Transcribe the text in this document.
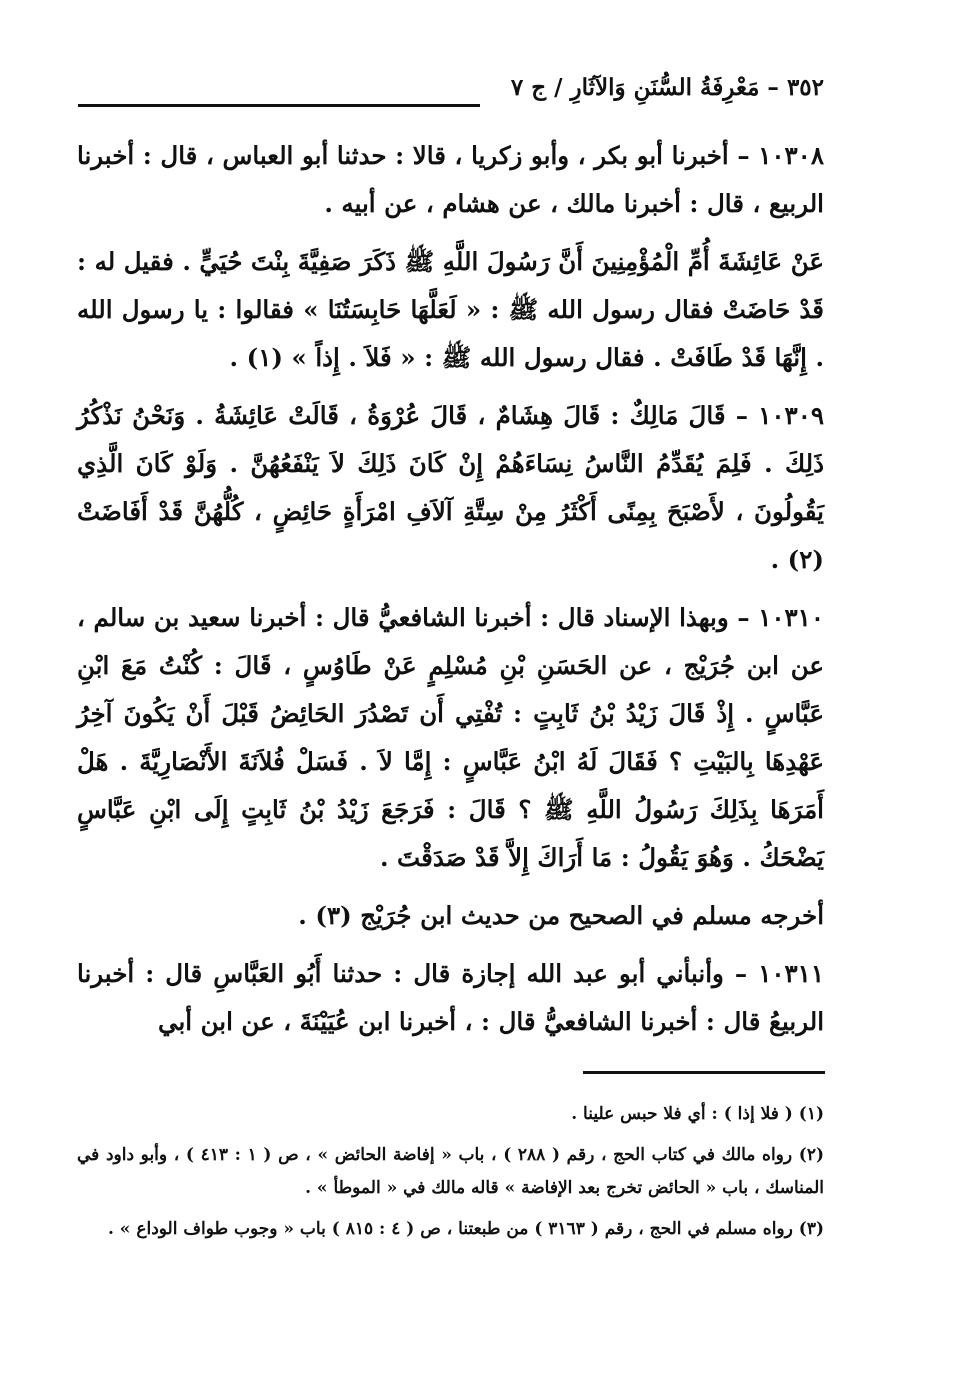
٣٥٢ – مَعْرِفَةُ السُّنَنِ وَالآثَارِ / ج ٧

١٠٣٠٨ – أخبرنا أبو بكر ، وأبو زكريا ، قالا : حدثنا أبو العباس ، قال : أخبرنا الربيع ، قال : أخبرنا مالك ، عن هشام ، عن أبيه .

عَنْ عَائِشَةَ أُمِّ الْمُؤْمِنِينَ أَنَّ رَسُولَ اللَّهِ ﷺ ذَكَرَ صَفِيَّةَ بِنْتَ حُيَيٍّ . فقيل له : قَدْ حَاضَتْ فقال رسول الله ﷺ : « لَعَلَّهَا حَابِسَتُنَا » فقالوا : يا رسول الله . إِنَّهَا قَدْ طَافَتْ . فقال رسول الله ﷺ : « فَلاَ . إِذاً » (١) .

١٠٣٠٩ – قَالَ مَالِكٌ : قَالَ هِشَامٌ ، قَالَ عُرْوَةُ ، قَالَتْ عَائِشَةُ . وَنَحْنُ نَذْكُرُ ذَلِكَ . فَلِمَ يُقَدِّمُ النَّاسُ نِسَاءَهُمْ إِنْ كَانَ ذَلِكَ لاَ يَنْفَعُهُنَّ . وَلَوْ كَانَ الَّذِي يَقُولُونَ ، لأَصْبَحَ بِمِنًى أَكْثَرُ مِنْ سِتَّةِ آلاَفِ امْرَأَةٍ حَائِضٍ ، كُلُّهُنَّ قَدْ أَفَاضَتْ (٢) .

١٠٣١٠ – وبهذا الإسناد قال : أخبرنا الشافعيُّ قال : أخبرنا سعيد بن سالم ، عن ابن جُرَيْج ، عن الحَسَنِ بْنِ مُسْلِمٍ عَنْ طَاوُسٍ ، قَالَ : كُنْتُ مَعَ ابْنِ عَبَّاسٍ . إِذْ قَالَ زَيْدُ بْنُ ثَابِتٍ : تُفْتِي أَن تَصْدُرَ الحَائِضُ قَبْلَ أَنْ يَكُونَ آخِرُ عَهْدِهَا بِالبَيْتِ ؟ فَقَالَ لَهُ ابْنُ عَبَّاسٍ : إِمَّا لاَ . فَسَلْ فُلاَنَةَ الأَنْصَارِيَّةَ . هَلْ أَمَرَهَا بِذَلِكَ رَسُولُ اللَّهِ ﷺ ؟ قَالَ : فَرَجَعَ زَيْدُ بْنُ ثَابِتٍ إِلَى ابْنِ عَبَّاسٍ يَضْحَكُ . وَهُوَ يَقُولُ : مَا أَرَاكَ إِلاَّ قَدْ صَدَقْتَ .

أخرجه مسلم في الصحيح من حديث ابن جُرَيْج (٣) .

١٠٣١١ – وأنبأني أبو عبد الله إجازة قال : حدثنا أَبُو العَبَّاسِ قال : أخبرنا الربيعُ قال : أخبرنا الشافعيُّ قال : ، أخبرنا ابن عُيَيْنَةَ ، عن ابن أبي

(١) ( فلا إذا ) : أي فلا حبس علينا .

(٢) رواه مالك في كتاب الحج ، رقم ( ٢٨٨ ) ، باب « إفاضة الحائض » ، ص ( ١ : ٤١٣ ) ، وأبو داود في المناسك ، باب « الحائض تخرج بعد الإفاضة » قاله مالك في « الموطأ » .

(٣) رواه مسلم في الحج ، رقم ( ٣١٦٣ ) من طبعتنا ، ص ( ٤ : ٨١٥ ) باب « وجوب طواف الوداع » .
